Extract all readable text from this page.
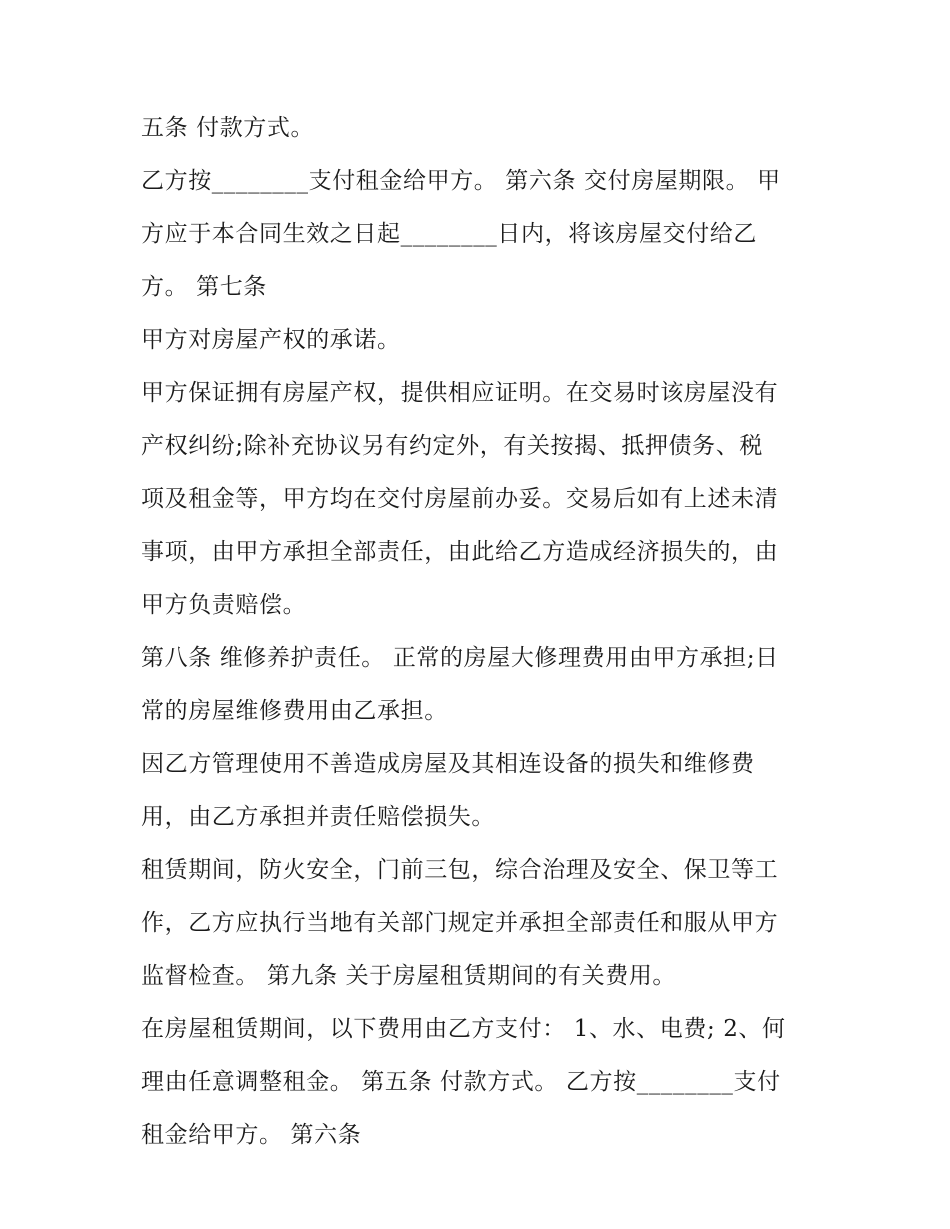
五条 付款方式。
乙方按________支付租金给甲方。 第六条 交付房屋期限。 甲
方应于本合同生效之日起________日内，将该房屋交付给乙
方。 第七条
甲方对房屋产权的承诺。
甲方保证拥有房屋产权，提供相应证明。在交易时该房屋没有
产权纠纷;除补充协议另有约定外，有关按揭、抵押债务、税
项及租金等，甲方均在交付房屋前办妥。交易后如有上述未清
事项，由甲方承担全部责任，由此给乙方造成经济损失的，由
甲方负责赔偿。
第八条 维修养护责任。 正常的房屋大修理费用由甲方承担;日
常的房屋维修费用由乙承担。
因乙方管理使用不善造成房屋及其相连设备的损失和维修费
用，由乙方承担并责任赔偿损失。
租赁期间，防火安全，门前三包，综合治理及安全、保卫等工
作，乙方应执行当地有关部门规定并承担全部责任和服从甲方
监督检查。 第九条 关于房屋租赁期间的有关费用。
在房屋租赁期间，以下费用由乙方支付： 1、水、电费; 2、何
理由任意调整租金。 第五条 付款方式。 乙方按________支付
租金给甲方。 第六条
